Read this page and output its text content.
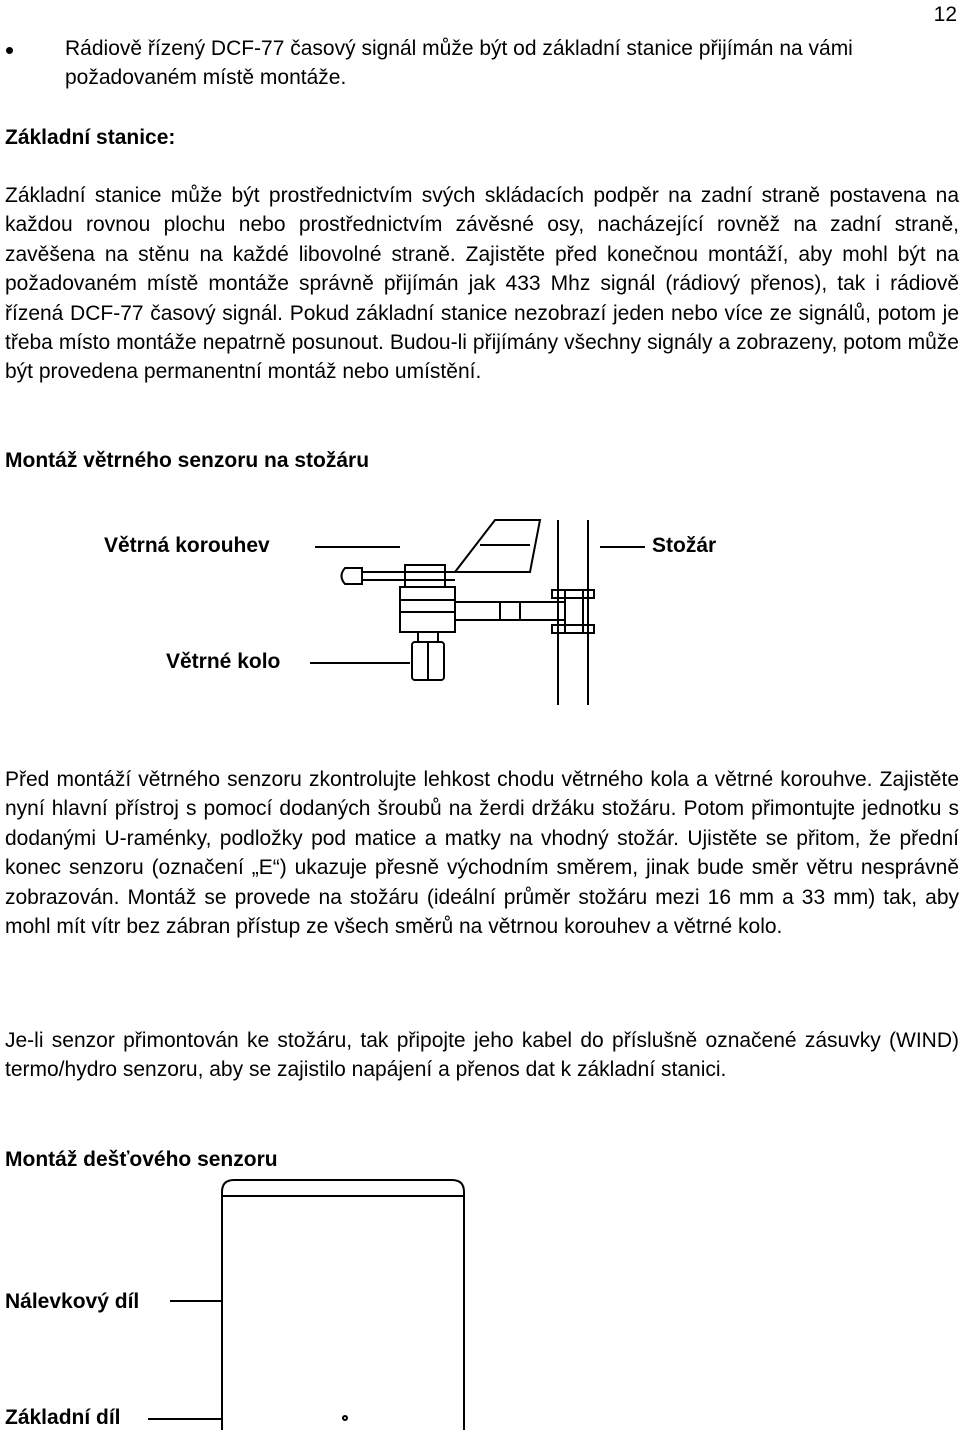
12
Rádiově řízený DCF-77 časový signál může být od základní stanice přijímán na vámi požadovaném místě montáže.
Základní stanice:
Základní stanice může být prostřednictvím svých skládacích podpěr na zadní straně postavena na každou rovnou plochu nebo prostřednictvím závěsné osy, nacházející rovněž na zadní straně, zavěšena na stěnu na každé libovolné straně. Zajistěte před konečnou montáží, aby mohl být na požadovaném místě montáže správně přijímán jak 433 Mhz signál (rádiový přenos), tak i rádiově řízená DCF-77 časový signál. Pokud základní stanice nezobrazí jeden nebo více ze signálů, potom je třeba místo montáže nepatrně posunout. Budou-li přijímány všechny signály a zobrazeny, potom může být provedena permanentní montáž nebo umístění.
Montáž větrného senzoru na stožáru
Větrná korouhev	Stožár
Větrné kolo
Před montáží větrného senzoru zkontrolujte lehkost chodu větrného kola a větrné korouhve. Zajistěte nyní hlavní přístroj s pomocí dodaných šroubů na žerdi držáku stožáru. Potom přimontujte jednotku s dodanými U-raménky, podložky pod matice a matky na vhodný stožár. Ujistěte se přitom, že přední konec senzoru (označení „E“) ukazuje přesně východním směrem, jinak bude směr větru nesprávně zobrazován. Montáž se provede na stožáru (ideální průměr stožáru mezi 16 mm a 33 mm) tak, aby mohl mít vítr bez zábran přístup ze všech směrů na větrnou korouhev a větrné kolo.
Je-li senzor přimontován ke stožáru, tak připojte jeho kabel do příslušně označené zásuvky (WIND) termo/hydro senzoru, aby se zajistilo napájení a přenos dat k základní stanici.
Montáž dešťového senzoru
Nálevkový díl
Základní díl
